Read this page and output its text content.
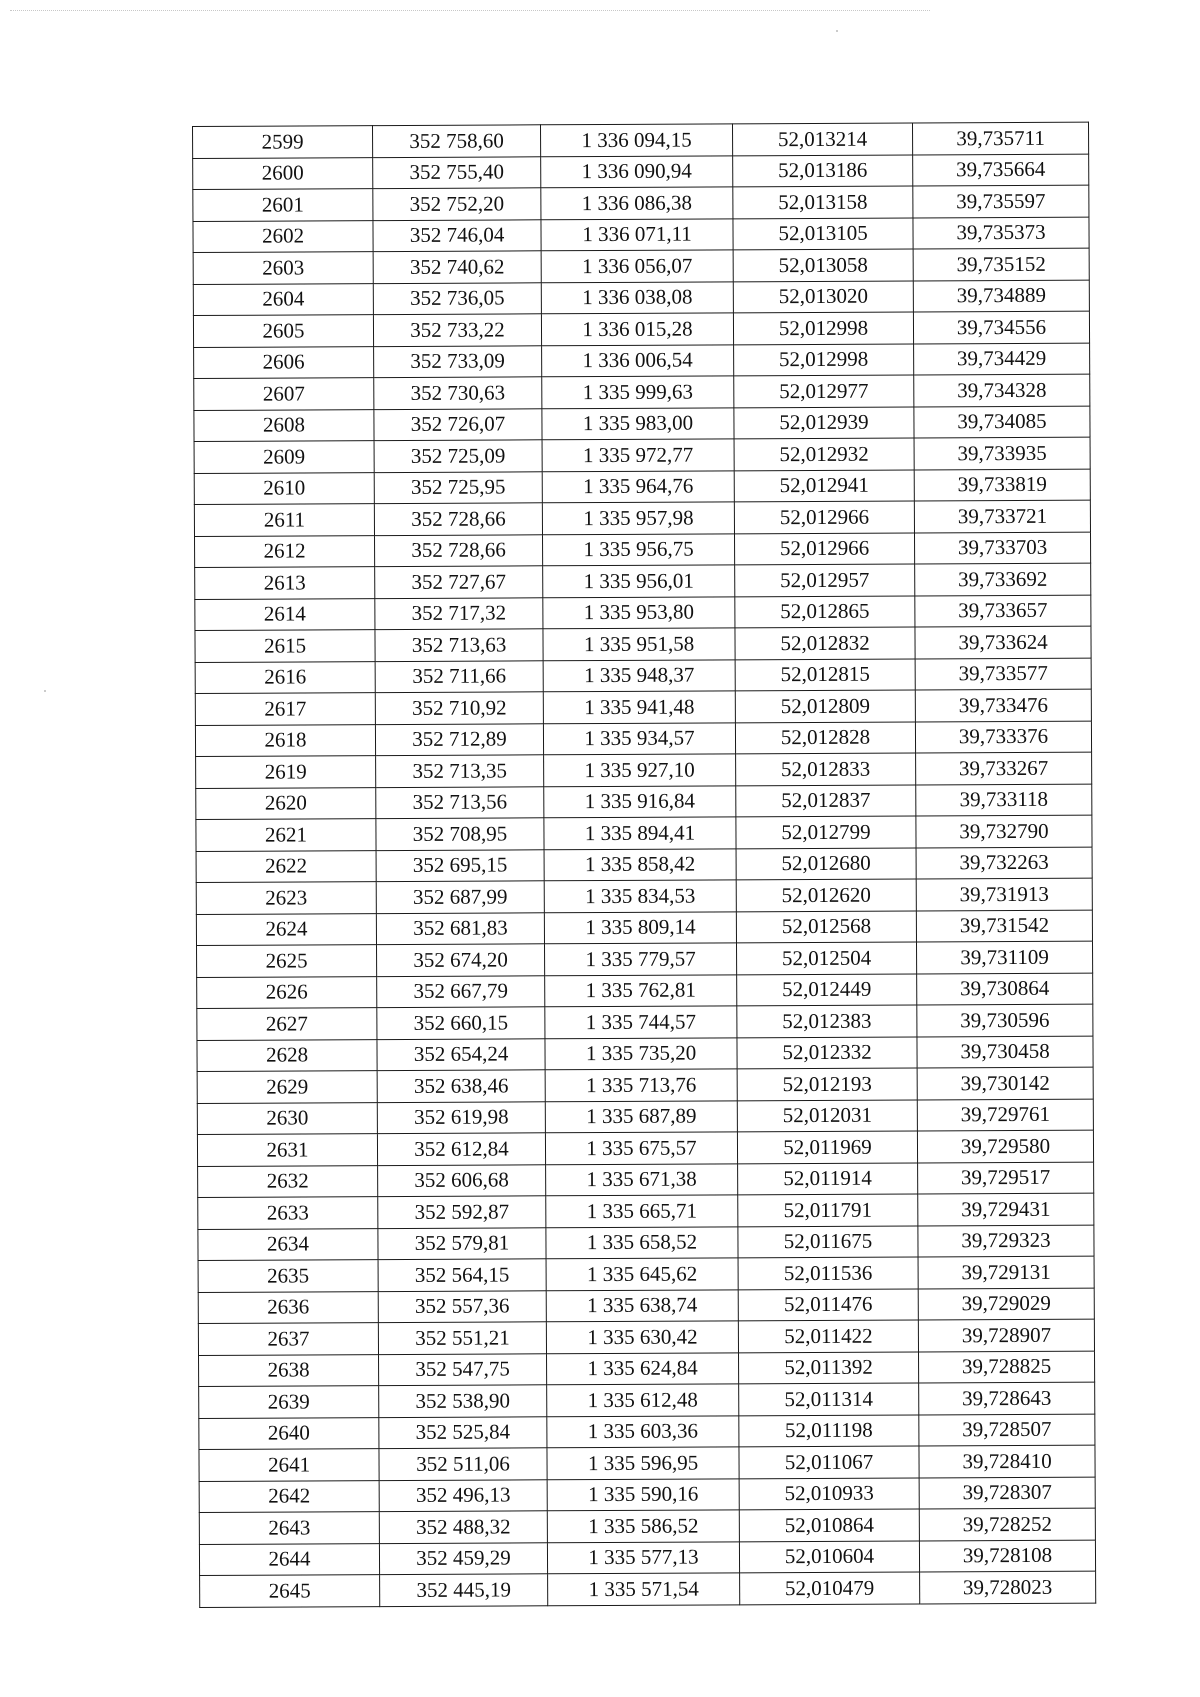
2599	352 758,60	1 336 094,15	52,013214	39,735711
2600	352 755,40	1 336 090,94	52,013186	39,735664
2601	352 752,20	1 336 086,38	52,013158	39,735597
2602	352 746,04	1 336 071,11	52,013105	39,735373
2603	352 740,62	1 336 056,07	52,013058	39,735152
2604	352 736,05	1 336 038,08	52,013020	39,734889
2605	352 733,22	1 336 015,28	52,012998	39,734556
2606	352 733,09	1 336 006,54	52,012998	39,734429
2607	352 730,63	1 335 999,63	52,012977	39,734328
2608	352 726,07	1 335 983,00	52,012939	39,734085
2609	352 725,09	1 335 972,77	52,012932	39,733935
2610	352 725,95	1 335 964,76	52,012941	39,733819
2611	352 728,66	1 335 957,98	52,012966	39,733721
2612	352 728,66	1 335 956,75	52,012966	39,733703
2613	352 727,67	1 335 956,01	52,012957	39,733692
2614	352 717,32	1 335 953,80	52,012865	39,733657
2615	352 713,63	1 335 951,58	52,012832	39,733624
2616	352 711,66	1 335 948,37	52,012815	39,733577
2617	352 710,92	1 335 941,48	52,012809	39,733476
2618	352 712,89	1 335 934,57	52,012828	39,733376
2619	352 713,35	1 335 927,10	52,012833	39,733267
2620	352 713,56	1 335 916,84	52,012837	39,733118
2621	352 708,95	1 335 894,41	52,012799	39,732790
2622	352 695,15	1 335 858,42	52,012680	39,732263
2623	352 687,99	1 335 834,53	52,012620	39,731913
2624	352 681,83	1 335 809,14	52,012568	39,731542
2625	352 674,20	1 335 779,57	52,012504	39,731109
2626	352 667,79	1 335 762,81	52,012449	39,730864
2627	352 660,15	1 335 744,57	52,012383	39,730596
2628	352 654,24	1 335 735,20	52,012332	39,730458
2629	352 638,46	1 335 713,76	52,012193	39,730142
2630	352 619,98	1 335 687,89	52,012031	39,729761
2631	352 612,84	1 335 675,57	52,011969	39,729580
2632	352 606,68	1 335 671,38	52,011914	39,729517
2633	352 592,87	1 335 665,71	52,011791	39,729431
2634	352 579,81	1 335 658,52	52,011675	39,729323
2635	352 564,15	1 335 645,62	52,011536	39,729131
2636	352 557,36	1 335 638,74	52,011476	39,729029
2637	352 551,21	1 335 630,42	52,011422	39,728907
2638	352 547,75	1 335 624,84	52,011392	39,728825
2639	352 538,90	1 335 612,48	52,011314	39,728643
2640	352 525,84	1 335 603,36	52,011198	39,728507
2641	352 511,06	1 335 596,95	52,011067	39,728410
2642	352 496,13	1 335 590,16	52,010933	39,728307
2643	352 488,32	1 335 586,52	52,010864	39,728252
2644	352 459,29	1 335 577,13	52,010604	39,728108
2645	352 445,19	1 335 571,54	52,010479	39,728023
